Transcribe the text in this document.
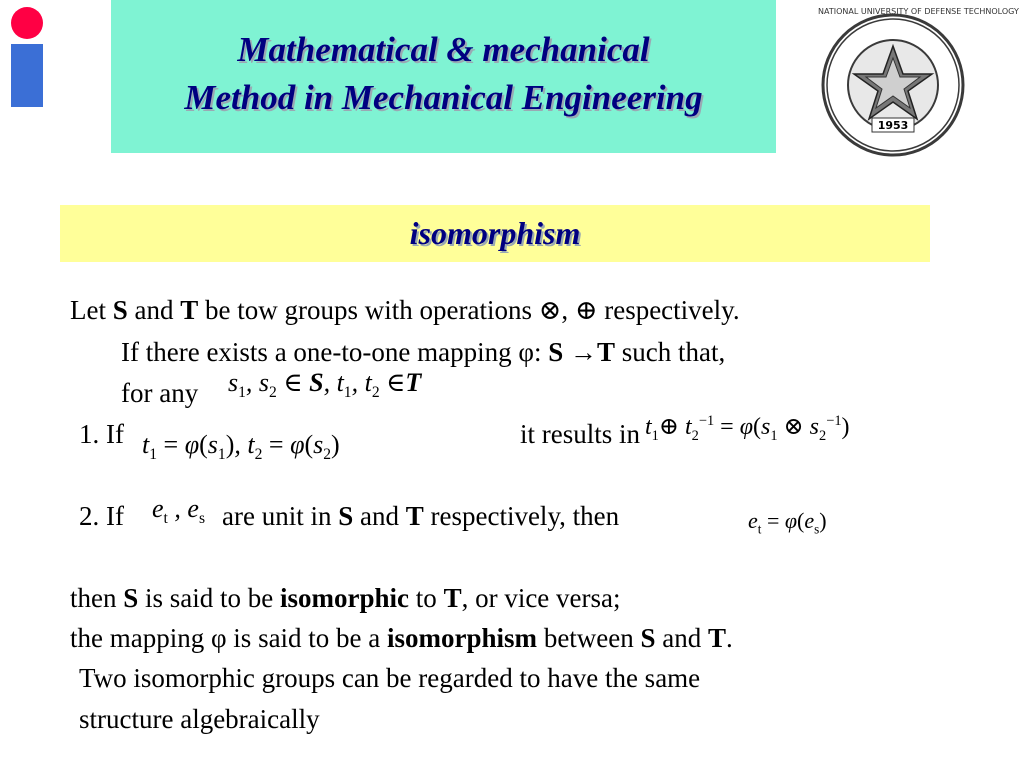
Mathematical & mechanical
Method in Mechanical Engineering
NATIONAL UNIVERSITY OF DEFENSE TECHNOLOGY
1953
isomorphism
Let S and T be tow groups with operations ⊗, ⊕ respectively.
If there exists a one-to-one mapping φ: S →T such that,
for any $s_1$, $s_2$ ∈ S, $t_1$, $t_2$ ∈T
1. If $t_1 = \varphi(s_1)$, $t_2 = \varphi(s_2)$	it results in $t_1\oplus$ $t_2^{-1} = \varphi(s_1$ ⊗ $s_2^{-1}$)
2. If $e_t$ , $e_s$ are unit in S and T respectively, then	$e_t = \varphi(e_s)$
then S is said to be isomorphic to T, or vice versa;
the mapping φ is said to be a isomorphism between S and T.
Two isomorphic groups can be regarded to have the same
structure algebraically
